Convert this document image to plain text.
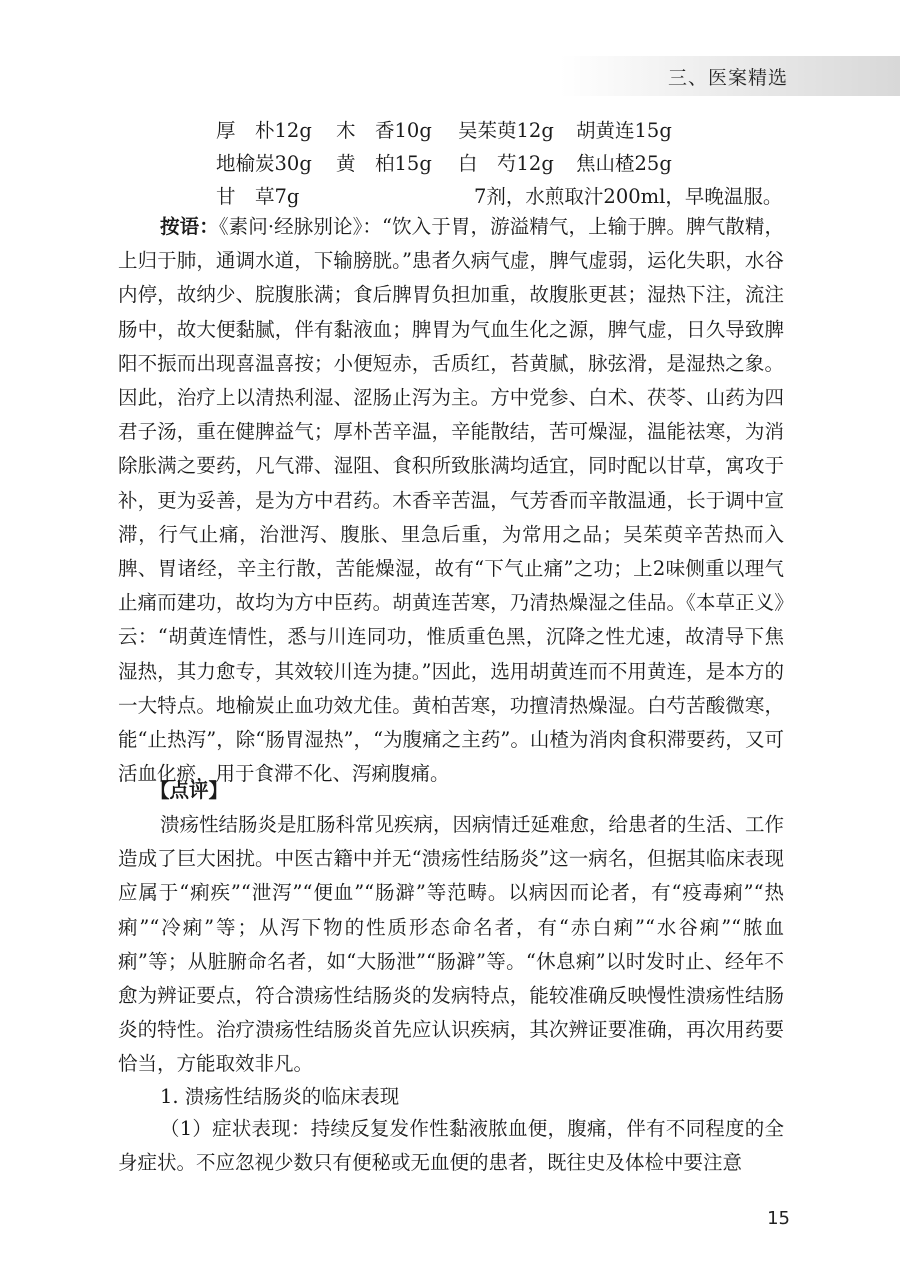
三、医案精选
厚　朴12g 木　香10g 吴茱萸12g 胡黄连15g
地榆炭30g 黄　柏15g 白　芍12g 焦山楂25g
甘　草7g	7剂，水煎取汁200ml，早晚温服。

按语：《素问·经脉别论》：“饮入于胃，游溢精气，上输于脾。脾气散精，上归于肺，通调水道，下输膀胱。”患者久病气虚，脾气虚弱，运化失职，水谷内停，故纳少、脘腹胀满；食后脾胃负担加重，故腹胀更甚；湿热下注，流注肠中，故大便黏腻，伴有黏液血；脾胃为气血生化之源，脾气虚，日久导致脾阳不振而出现喜温喜按；小便短赤，舌质红，苔黄腻，脉弦滑，是湿热之象。因此，治疗上以清热利湿、涩肠止泻为主。方中党参、白术、茯苓、山药为四君子汤，重在健脾益气；厚朴苦辛温，辛能散结，苦可燥湿，温能祛寒，为消除胀满之要药，凡气滞、湿阻、食积所致胀满均适宜，同时配以甘草，寓攻于补，更为妥善，是为方中君药。木香辛苦温，气芳香而辛散温通，长于调中宣滞，行气止痛，治泄泻、腹胀、里急后重，为常用之品；吴茱萸辛苦热而入脾、胃诸经，辛主行散，苦能燥湿，故有“下气止痛”之功；上2味侧重以理气止痛而建功，故均为方中臣药。胡黄连苦寒，乃清热燥湿之佳品。《本草正义》云：“胡黄连情性，悉与川连同功，惟质重色黑，沉降之性尤速，故清导下焦湿热，其力愈专，其效较川连为捷。”因此，选用胡黄连而不用黄连，是本方的一大特点。地榆炭止血功效尤佳。黄柏苦寒，功擅清热燥湿。白芍苦酸微寒，能“止热泻”，除“肠胃湿热”，“为腹痛之主药”。山楂为消肉食积滞要药，又可活血化瘀，用于食滞不化、泻痢腹痛。

【点评】

溃疡性结肠炎是肛肠科常见疾病，因病情迁延难愈，给患者的生活、工作造成了巨大困扰。中医古籍中并无“溃疡性结肠炎”这一病名，但据其临床表现应属于“痢疾”“泄泻”“便血”“肠澼”等范畴。以病因而论者，有“疫毒痢”“热痢”“冷痢”等；从泻下物的性质形态命名者，有“赤白痢”“水谷痢”“脓血痢”等；从脏腑命名者，如“大肠泄”“肠澼”等。“休息痢”以时发时止、经年不愈为辨证要点，符合溃疡性结肠炎的发病特点，能较准确反映慢性溃疡性结肠炎的特性。治疗溃疡性结肠炎首先应认识疾病，其次辨证要准确，再次用药要恰当，方能取效非凡。

1. 溃疡性结肠炎的临床表现

（1）症状表现：持续反复发作性黏液脓血便，腹痛，伴有不同程度的全身症状。不应忽视少数只有便秘或无血便的患者，既往史及体检中要注意

15
